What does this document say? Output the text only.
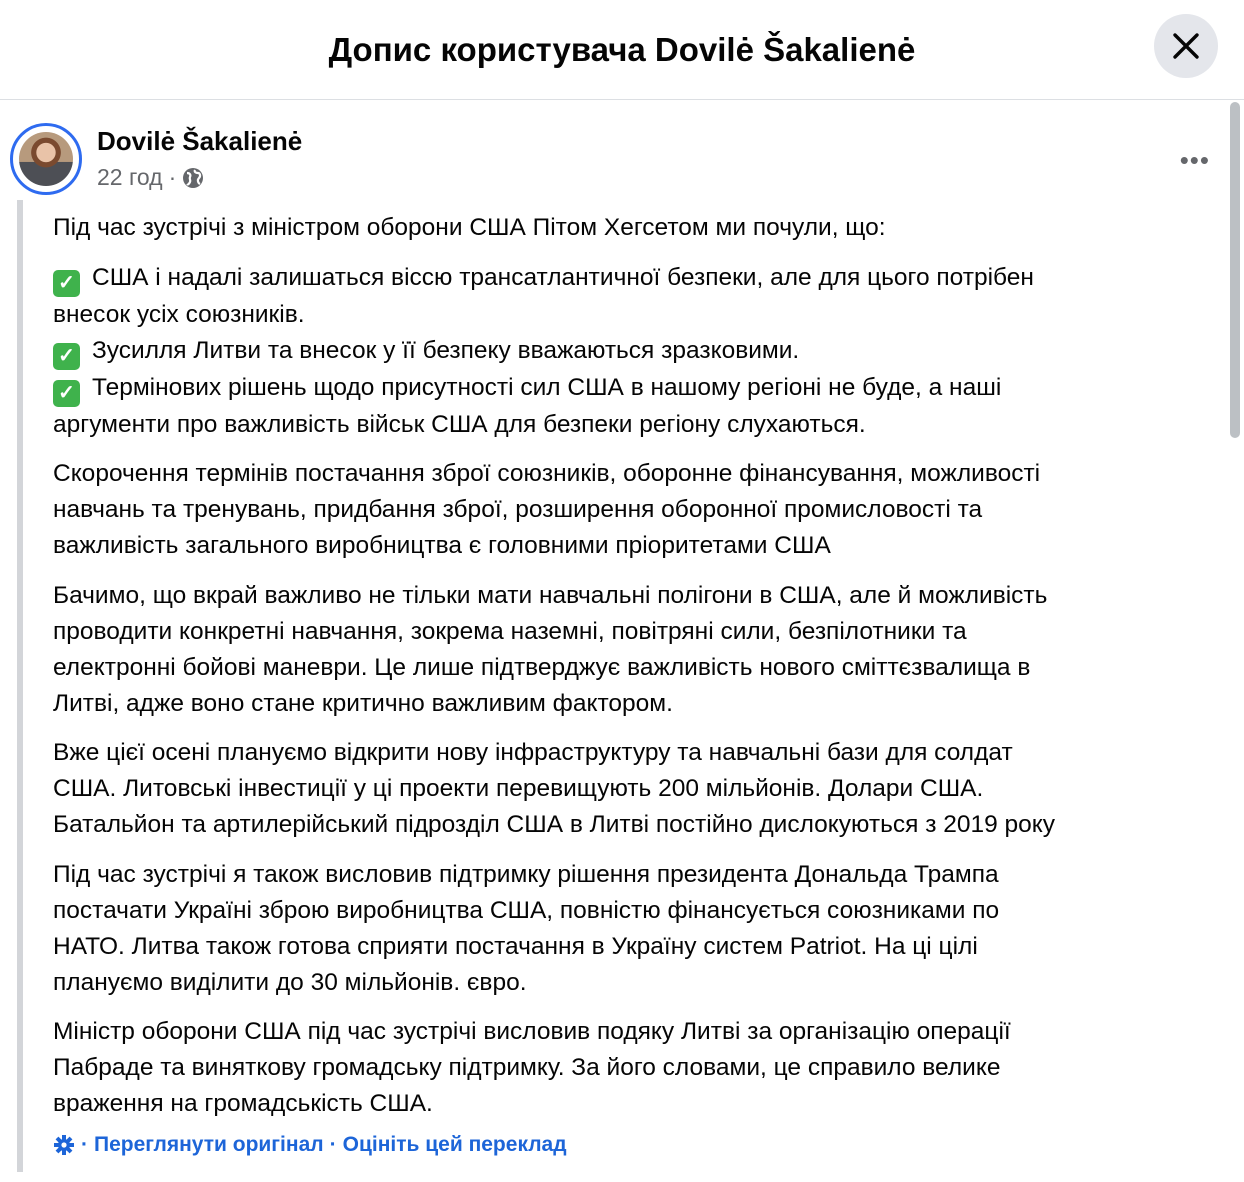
Допис користувача Dovilė Šakalienė
Dovilė Šakalienė
22 год ·
•••
Під час зустрічі з міністром оборони США Пітом Хегсетом ми почули, що:
✓ США і надалі залишаться віссю трансатлантичної безпеки, але для цього потрібен
внесок усіх союзників.
✓ Зусилля Литви та внесок у її безпеку вважаються зразковими.
✓ Термінових рішень щодо присутності сил США в нашому регіоні не буде, а наші
аргументи про важливість військ США для безпеки регіону слухаються.
Скорочення термінів постачання зброї союзників, оборонне фінансування, можливості
навчань та тренувань, придбання зброї, розширення оборонної промисловості та
важливість загального виробництва є головними пріоритетами США
Бачимо, що вкрай важливо не тільки мати навчальні полігони в США, але й можливість
проводити конкретні навчання, зокрема наземні, повітряні сили, безпілотники та
електронні бойові маневри. Це лише підтверджує важливість нового сміттєзвалища в
Литві, адже воно стане критично важливим фактором.
Вже цієї осені плануємо відкрити нову інфраструктуру та навчальні бази для солдат
США. Литовські інвестиції у ці проекти перевищують 200 мільйонів. Долари США.
Батальйон та артилерійський підрозділ США в Литві постійно дислокуються з 2019 року
Під час зустрічі я також висловив підтримку рішення президента Дональда Трампа
постачати Україні зброю виробництва США, повністю фінансується союзниками по
НАТО. Литва також готова сприяти постачання в Україну систем Patriot. На ці цілі
плануємо виділити до 30 мільйонів. євро.
Міністр оборони США під час зустрічі висловив подяку Литві за організацію операції
Пабраде та виняткову громадську підтримку. За його словами, це справило велике
враження на громадськість США.
· Переглянути оригінал · Оцініть цей переклад
